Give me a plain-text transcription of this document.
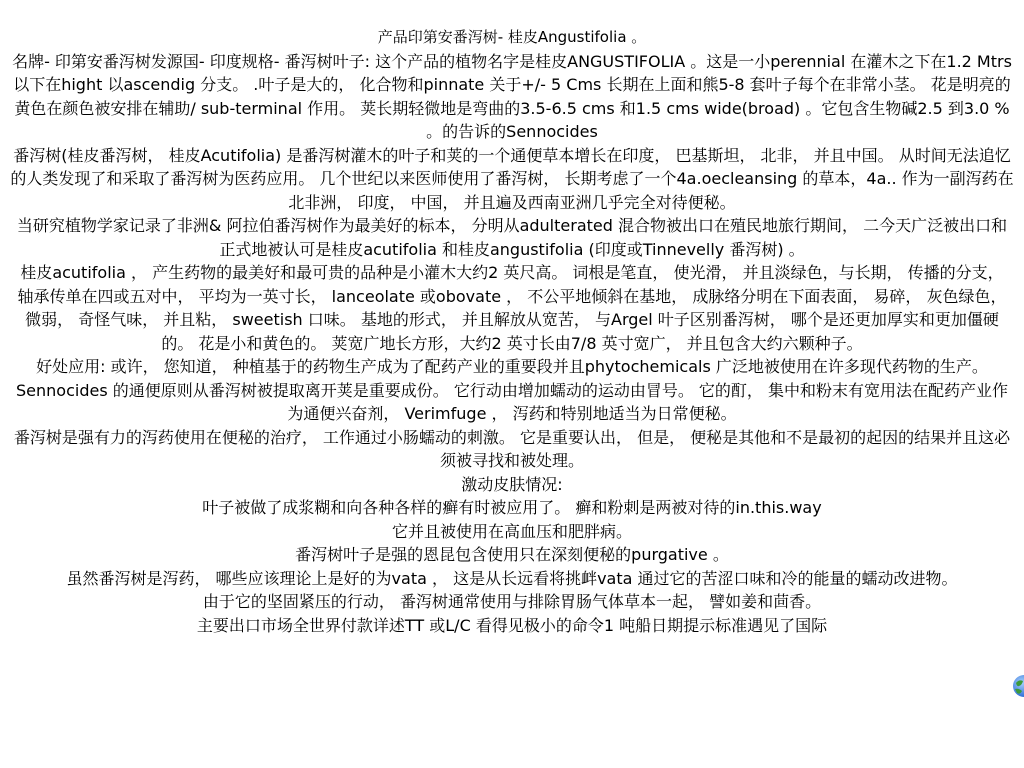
产品印第安番泻树- 桂皮Angustifolia 。

名牌- 印第安番泻树发源国- 印度规格- 番泻树叶子: 这个产品的植物名字是桂皮ANGUSTIFOLIA 。这是一小perennial 在灌木之下在1.2 Mtrs 以下在hight 以ascendig 分支。 .叶子是大的， 化合物和pinnate 关于+/- 5 Cms 长期在上面和熊5-8 套叶子每个在非常小茎。 花是明亮的黄色在颜色被安排在辅助/ sub-terminal 作用。 荚长期轻微地是弯曲的3.5-6.5 cms 和1.5 cms wide(broad) 。它包含生物碱2.5 到3.0 % 。的告诉的Sennocides

番泻树(桂皮番泻树， 桂皮Acutifolia) 是番泻树灌木的叶子和荚的一个通便草本增长在印度， 巴基斯坦， 北非， 并且中国。 从时间无法追忆的人类发现了和采取了番泻树为医药应用。 几个世纪以来医师使用了番泻树， 长期考虑了一个4a.oecleansing 的草本，4a.. 作为一副泻药在北非洲， 印度， 中国， 并且遍及西南亚洲几乎完全对待便秘。

当研究植物学家记录了非洲& 阿拉伯番泻树作为最美好的标本， 分明从adulterated 混合物被出口在殖民地旅行期间， 二今天广泛被出口和正式地被认可是桂皮acutifolia 和桂皮angustifolia (印度或Tinnevelly 番泻树) 。

桂皮acutifolia ， 产生药物的最美好和最可贵的品种是小灌木大约2 英尺高。 词根是笔直， 使光滑， 并且淡绿色，与长期， 传播的分支， 轴承传单在四或五对中， 平均为一英寸长， lanceolate 或obovate ， 不公平地倾斜在基地， 成脉络分明在下面表面， 易碎， 灰色绿色， 微弱， 奇怪气味， 并且粘， sweetish 口味。 基地的形式， 并且解放从宽苦， 与Argel 叶子区别番泻树， 哪个是还更加厚实和更加僵硬的。 花是小和黄色的。 荚宽广地长方形，大约2 英寸长由7/8 英寸宽广， 并且包含大约六颗种子。

好处应用: 或许， 您知道， 种植基于的药物生产成为了配药产业的重要段并且phytochemicals 广泛地被使用在许多现代药物的生产。 Sennocides 的通便原则从番泻树被提取离开荚是重要成份。 它行动由增加蠕动的运动由冒号。 它的酊， 集中和粉末有宽用法在配药产业作为通便兴奋剂， Verimfuge ， 泻药和特别地适当为日常便秘。

番泻树是强有力的泻药使用在便秘的治疗， 工作通过小肠蠕动的刺激。 它是重要认出， 但是， 便秘是其他和不是最初的起因的结果并且这必须被寻找和被处理。

激动皮肤情况:

叶子被做了成浆糊和向各种各样的癣有时被应用了。 癣和粉刺是两被对待的in.this.way

它并且被使用在高血压和肥胖病。

番泻树叶子是强的恩昆包含使用只在深刻便秘的purgative 。

虽然番泻树是泻药， 哪些应该理论上是好的为vata ， 这是从长远看将挑衅vata 通过它的苦涩口味和冷的能量的蠕动改进物。

由于它的坚固紧压的行动， 番泻树通常使用与排除胃肠气体草本一起， 譬如姜和茴香。

主要出口市场全世界付款详述TT 或L/C 看得见极小的命令1 吨船日期提示标准遇见了国际
